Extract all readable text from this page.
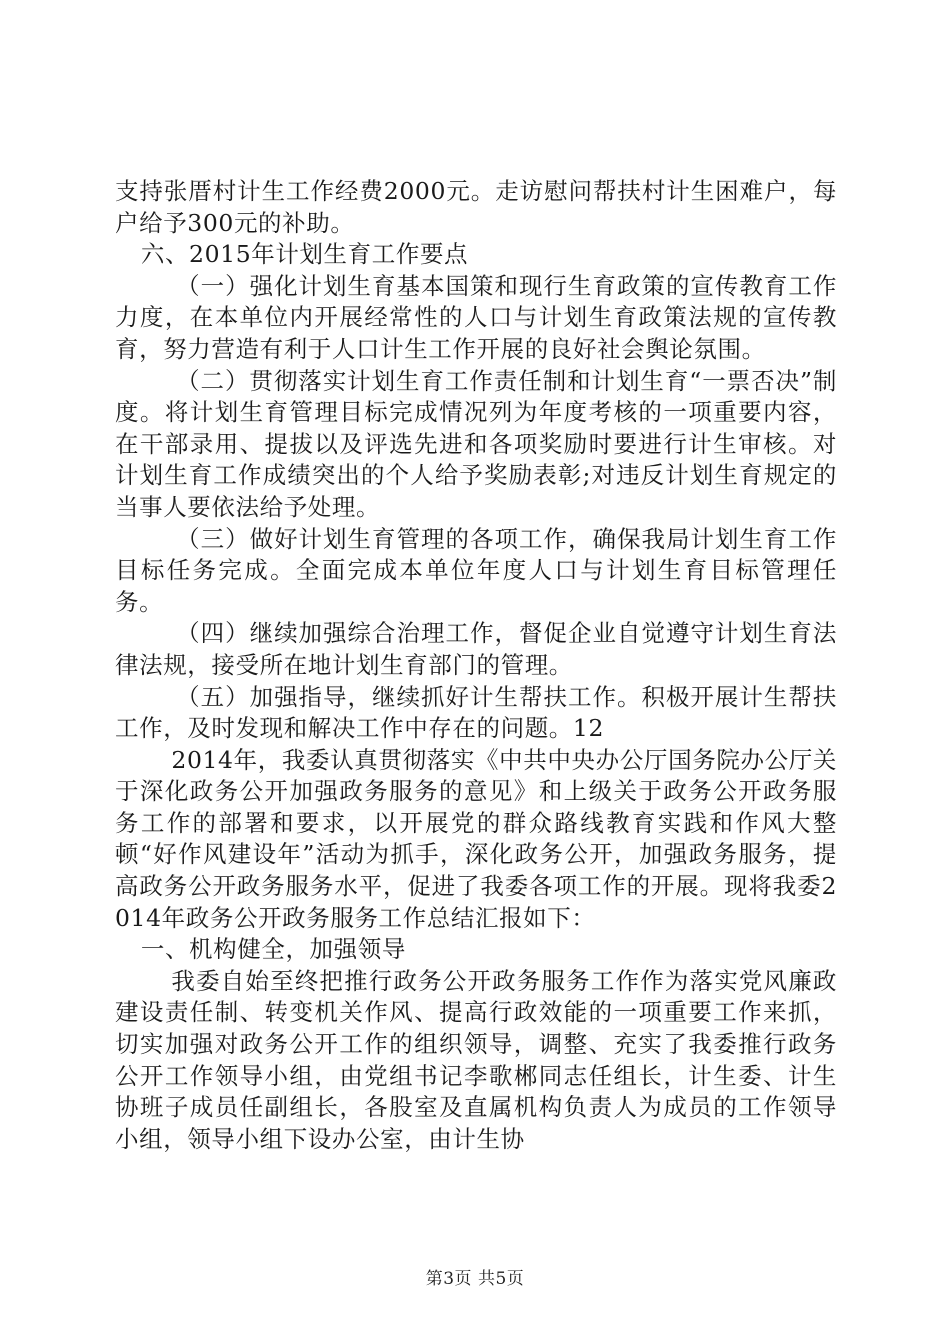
支持张厝村计生工作经费2000元。走访慰问帮扶村计生困难户，每户给予300元的补助。

六、2015年计划生育工作要点

（一）强化计划生育基本国策和现行生育政策的宣传教育工作力度，在本单位内开展经常性的人口与计划生育政策法规的宣传教育，努力营造有利于人口计生工作开展的良好社会舆论氛围。

（二）贯彻落实计划生育工作责任制和计划生育“一票否决”制度。将计划生育管理目标完成情况列为年度考核的一项重要内容，在干部录用、提拔以及评选先进和各项奖励时要进行计生审核。对计划生育工作成绩突出的个人给予奖励表彰;对违反计划生育规定的当事人要依法给予处理。

（三）做好计划生育管理的各项工作，确保我局计划生育工作目标任务完成。全面完成本单位年度人口与计划生育目标管理任务。

（四）继续加强综合治理工作，督促企业自觉遵守计划生育法律法规，接受所在地计划生育部门的管理。

（五）加强指导，继续抓好计生帮扶工作。积极开展计生帮扶工作，及时发现和解决工作中存在的问题。12

2014年，我委认真贯彻落实《中共中央办公厅国务院办公厅关于深化政务公开加强政务服务的意见》和上级关于政务公开政务服务工作的部署和要求，以开展党的群众路线教育实践和作风大整顿“好作风建设年”活动为抓手，深化政务公开，加强政务服务，提高政务公开政务服务水平，促进了我委各项工作的开展。现将我委2014年政务公开政务服务工作总结汇报如下：

一、机构健全，加强领导

我委自始至终把推行政务公开政务服务工作作为落实党风廉政建设责任制、转变机关作风、提高行政效能的一项重要工作来抓，切实加强对政务公开工作的组织领导，调整、充实了我委推行政务公开工作领导小组，由党组书记李歌郴同志任组长，计生委、计生协班子成员任副组长，各股室及直属机构负责人为成员的工作领导小组，领导小组下设办公室，由计生协

第3页 共5页
